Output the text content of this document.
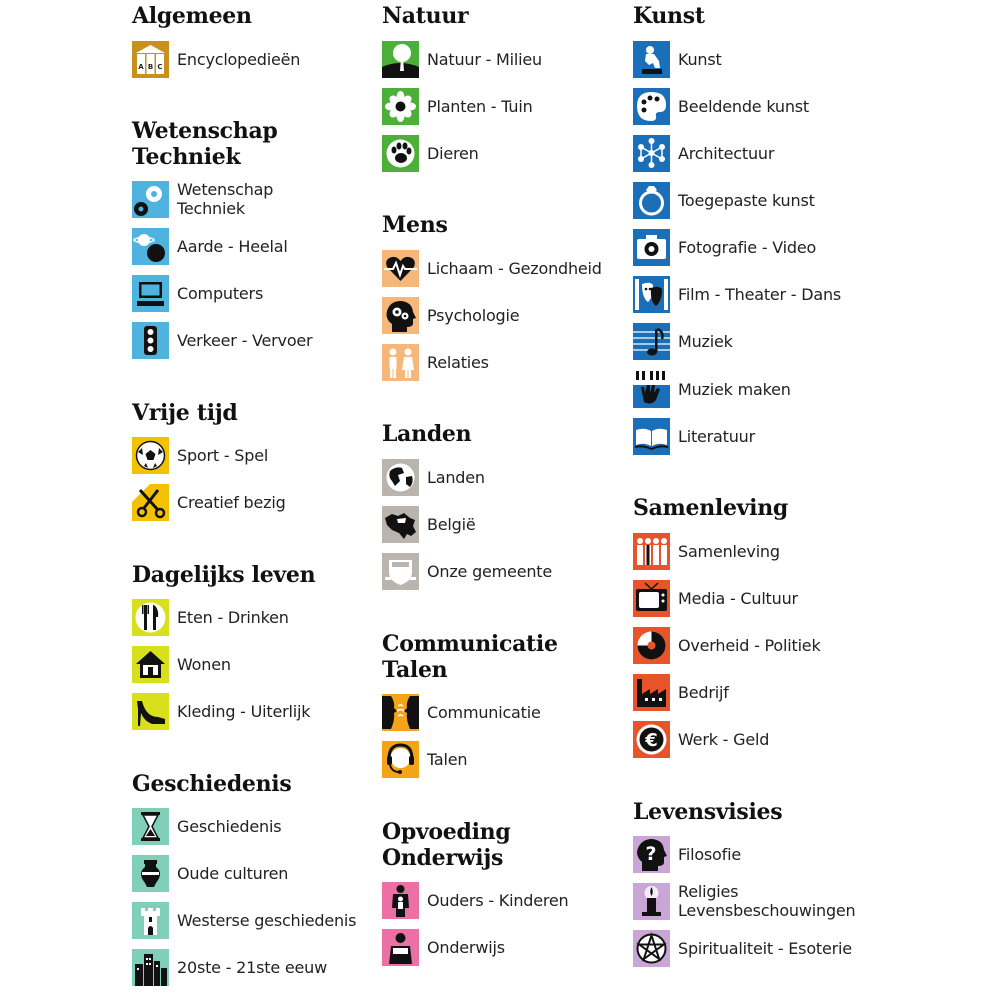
Algemeen
A B C Encyclopedieën
Wetenschap
Techniek
Wetenschap
Techniek
Aarde - Heelal
Computers
Verkeer - Vervoer
Vrije tijd
Sport - Spel
Creatief bezig
Dagelijks leven
Eten - Drinken
Wonen
Kleding - Uiterlijk
Geschiedenis
Geschiedenis
Oude culturen
Westerse geschiedenis
20ste - 21ste eeuw
Natuur
Natuur - Milieu
Planten - Tuin
Dieren
Mens
Lichaam - Gezondheid
Psychologie
Relaties
Landen
Landen
België
Onze gemeente
Communicatie
Talen
Communicatie
Talen
Opvoeding
Onderwijs
Ouders - Kinderen
Onderwijs
Kunst
Kunst
Beeldende kunst
Architectuur
Toegepaste kunst
Fotografie - Video
Film - Theater - Dans
Muziek
Muziek maken
Literatuur
Samenleving
Samenleving
Media - Cultuur
Overheid - Politiek
Bedrijf
€ Werk - Geld
Levensvisies
? Filosofie
Religies
Levensbeschouwingen
Spiritualiteit - Esoterie
